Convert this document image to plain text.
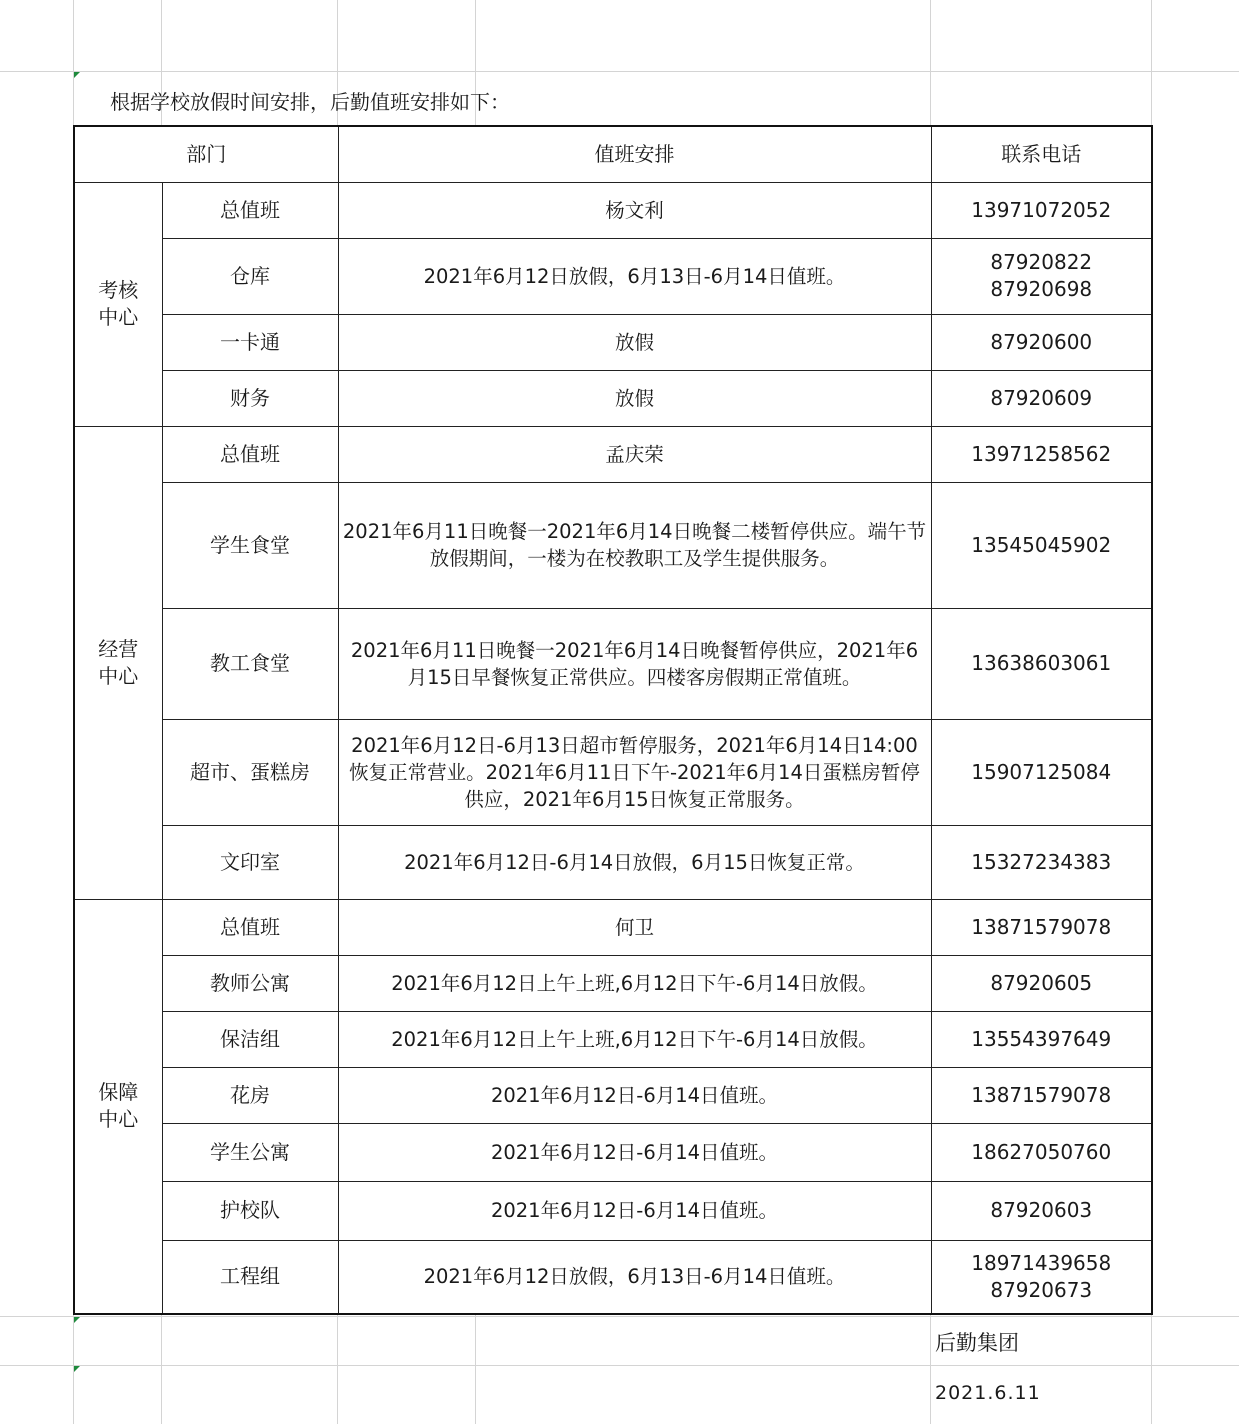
根据学校放假时间安排，后勤值班安排如下：
部门		值班安排	联系电话
考核
中心	总值班	杨文利	13971072052
	仓库	2021年6月12日放假，6月13日-6月14日值班。	87920822
87920698
	一卡通	放假	87920600
	财务	放假	87920609
经营
中心	总值班	孟庆荣	13971258562
	学生食堂	2021年6月11日晚餐一2021年6月14日晚餐二楼暂停供应。端午节放假期间，一楼为在校教职工及学生提供服务。	13545045902
	教工食堂	2021年6月11日晚餐一2021年6月14日晚餐暂停供应，2021年6月15日早餐恢复正常供应。四楼客房假期正常值班。	13638603061
	超市、蛋糕房	2021年6月12日-6月13日超市暂停服务，2021年6月14日14:00恢复正常营业。2021年6月11日下午-2021年6月14日蛋糕房暂停供应，2021年6月15日恢复正常服务。	15907125084
	文印室	2021年6月12日-6月14日放假，6月15日恢复正常。	15327234383
保障
中心	总值班	何卫	13871579078
	教师公寓	2021年6月12日上午上班,6月12日下午-6月14日放假。	87920605
	保洁组	2021年6月12日上午上班,6月12日下午-6月14日放假。	13554397649
	花房	2021年6月12日-6月14日值班。	13871579078
	学生公寓	2021年6月12日-6月14日值班。	18627050760
	护校队	2021年6月12日-6月14日值班。	87920603
	工程组	2021年6月12日放假，6月13日-6月14日值班。	18971439658
87920673
后勤集团
2021.6.11
